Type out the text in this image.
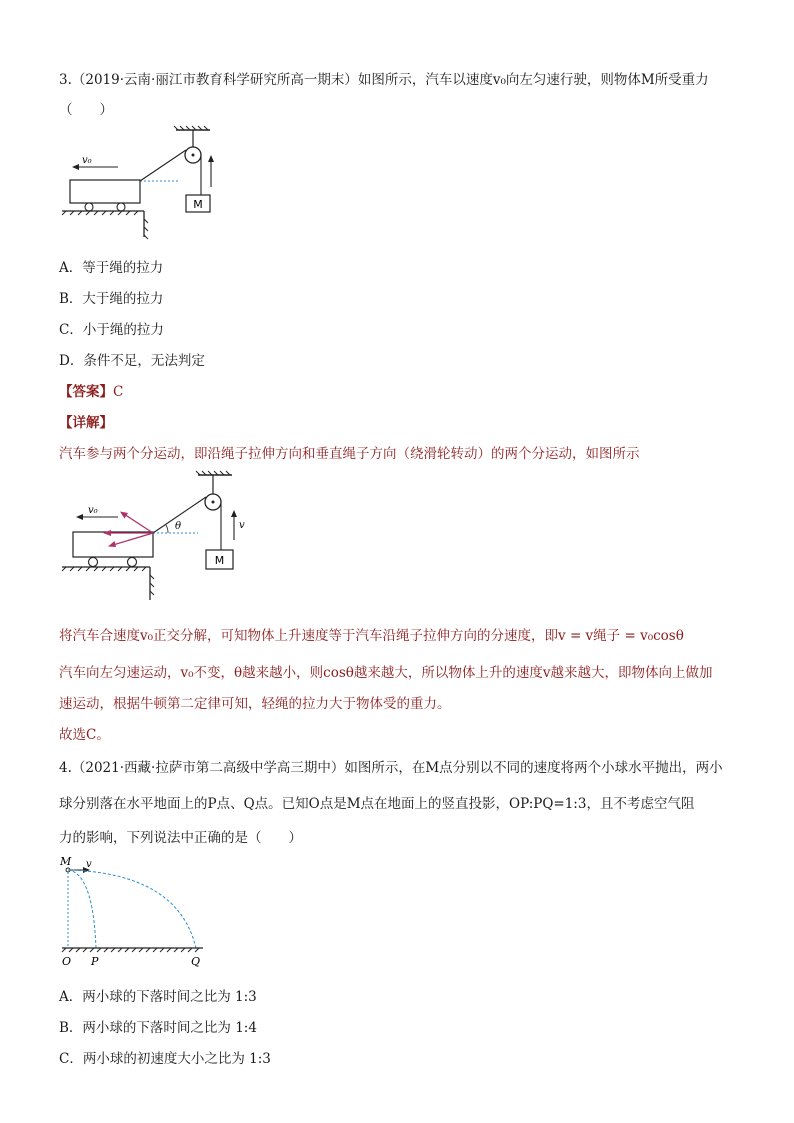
3.（2019·云南·丽江市教育科学研究所高一期末）如图所示，汽车以速度v₀向左匀速行驶，则物体M所受重力
（　　）
M
v₀
A．等于绳的拉力
B．大于绳的拉力
C．小于绳的拉力
D．条件不足，无法判定
【答案】C
【详解】
汽车参与两个分运动，即沿绳子拉伸方向和垂直绳子方向（绕滑轮转动）的两个分运动，如图所示
M
v
θ
v₀
将汽车合速度v₀正交分解，可知物体上升速度等于汽车沿绳子拉伸方向的分速度，即v = v绳子 = v₀cosθ
汽车向左匀速运动，v₀不变，θ越来越小，则cosθ越来越大，所以物体上升的速度v越来越大，即物体向上做加
速运动，根据牛顿第二定律可知，轻绳的拉力大于物体受的重力。
故选C。
4.（2021·西藏·拉萨市第二高级中学高三期中）如图所示，在M点分别以不同的速度将两个小球水平抛出，两小
球分别落在水平地面上的P点、Q点。已知O点是M点在地面上的竖直投影，OP:PQ=1:3，且不考虑空气阻
力的影响，下列说法中正确的是（　　）
M v
O P	Q
A．两小球的下落时间之比为 1:3
B．两小球的下落时间之比为 1:4
C．两小球的初速度大小之比为 1:3
